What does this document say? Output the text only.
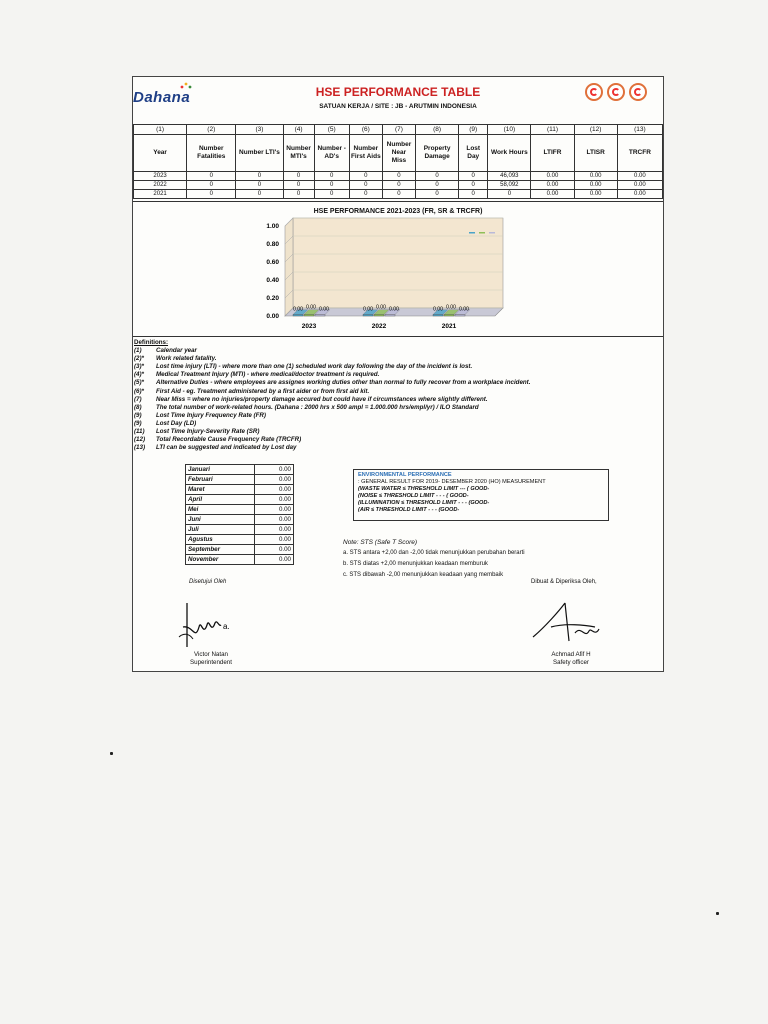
Dahana	HSE PERFORMANCE TABLE
SATUAN KERJA / SITE : JB - ARUTMIN INDONESIA
(1)	(2)	(3)	(4)	(5)	(6)	(7)	(8)	(9)	(10)	(11)	(12)	(13)
Year	Number Fatalities	Number LTI's	Number MTI's	Number - AD's	Number First Aids	Number Near Miss	Property Damage	Lost Day	Work Hours	LTIFR	LTISR	TRCFR
2023	0	0	0	0	0	0	0	0	46,093	0.00	0.00	0.00
2022	0	0	0	0	0	0	0	0	58,092	0.00	0.00	0.00
2021	0	0	0	0	0	0	0	0	0	0.00	0.00	0.00
HSE PERFORMANCE 2021-2023 (FR, SR & TRCFR)
1.00
0.80
0.60
0.40
0.20
0.00
0.00 0.00 0.00
2023
0.00 0.00 0.00
2022
0.00 0.00 0.00
2021
Definitions:
(1)	Calendar year
(2)*	Work related fatality.
(3)*	Lost time injury (LTI) - where more than one (1) scheduled work day following the day of the incident is lost.
(4)*	Medical Treatment Injury (MTI) - where medical/doctor treatment is required.
(5)*	Alternative Duties - where employees are assignes working duties other than normal to fully recover from a workplace incident.
(6)*	First Aid - eg. Treatment administered by a first aider or from first aid kit.
(7)	Near Miss = where no injuries/property damage accured but could have if circumstances where slightly different.
(8)	The total number of work-related hours. (Dahana : 2000 hrs x 500 ampl = 1.000.000 hrs/empl/yr) / ILO Standard
(9)	Lost Time Injury Frequency Rate (FR)
(9)	Lost Day (LD)
(11)	Lost Time Injury-Severity Rate (SR)
(12)	Total Recordable Cause Frequency Rate (TRCFR)
(13)	LTI can be suggested and indicated by Lost day
Januari	0.00
Februari	0.00
Maret	0.00
April	0.00
Mei	0.00
Juni	0.00
Juli	0.00
Agustus	0.00
September	0.00
November	0.00
ENVIRONMENTAL PERFORMANCE
: GENERAL RESULT FOR 2019- DESEMBER 2020 (HO) MEASUREMENT
(WASTE WATER ≤ THRESHOLD LIMIT --- ( GOOD-
(NOISE ≤ THRESHOLD LIMIT - - - ( GOOD-
(ILLUMINATION ≤ THRESHOLD LIMIT - - - (GOOD-
(AIR ≤ THRESHOLD LIMIT - - - (GOOD-
Note: STS (Safe T Score)
a. STS antara +2,00 dan -2,00 tidak menunjukkan perubahan berarti
b. STS diatas +2,00 menunjukkan keadaan memburuk
c. STS dibawah -2,00 menunjukkan keadaan yang membaik
Disetujui Oleh	Dibuat & Diperiksa Oleh,
a.
Victor Natan
Superintendent
Achmad Afif H
Safety officer
